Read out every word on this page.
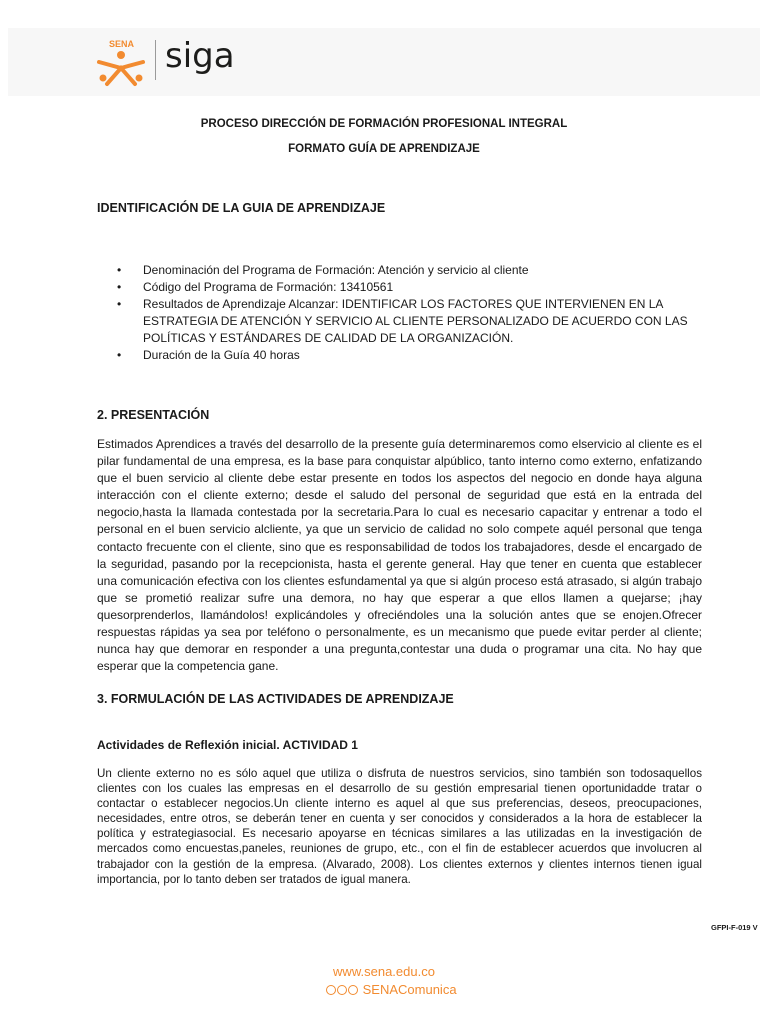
SENA siga
PROCESO DIRECCIÓN DE FORMACIÓN PROFESIONAL INTEGRAL
FORMATO GUÍA DE APRENDIZAJE
IDENTIFICACIÓN DE LA GUIA DE APRENDIZAJE
• Denominación del Programa de Formación: Atención y servicio al cliente
• Código del Programa de Formación: 13410561
• Resultados de Aprendizaje Alcanzar: IDENTIFICAR LOS FACTORES QUE INTERVIENEN EN LA ESTRATEGIA DE ATENCIÓN Y SERVICIO AL CLIENTE PERSONALIZADO DE ACUERDO CON LAS POLÍTICAS Y ESTÁNDARES DE CALIDAD DE LA ORGANIZACIÓN.
• Duración de la Guía 40 horas
2. PRESENTACIÓN
Estimados Aprendices a través del desarrollo de la presente guía determinaremos como elservicio al cliente es el pilar fundamental de una empresa, es la base para conquistar alpúblico, tanto interno como externo, enfatizando que el buen servicio al cliente debe estar presente en todos los aspectos del negocio en donde haya alguna interacción con el cliente externo; desde el saludo del personal de seguridad que está en la entrada del negocio,hasta la llamada contestada por la secretaria.Para lo cual es necesario capacitar y entrenar a todo el personal en el buen servicio alcliente, ya que un servicio de calidad no solo compete aquél personal que tenga contacto frecuente con el cliente, sino que es responsabilidad de todos los trabajadores, desde el encargado de la seguridad, pasando por la recepcionista, hasta el gerente general. Hay que tener en cuenta que establecer una comunicación efectiva con los clientes esfundamental ya que si algún proceso está atrasado, si algún trabajo que se prometió realizar sufre una demora, no hay que esperar a que ellos llamen a quejarse; ¡hay quesorprenderlos, llamándolos! explicándoles y ofreciéndoles una la solución antes que se enojen.Ofrecer respuestas rápidas ya sea por teléfono o personalmente, es un mecanismo que puede evitar perder al cliente; nunca hay que demorar en responder a una pregunta,contestar una duda o programar una cita. No hay que esperar que la competencia gane.
3. FORMULACIÓN DE LAS ACTIVIDADES DE APRENDIZAJE
Actividades de Reflexión inicial. ACTIVIDAD 1
Un cliente externo no es sólo aquel que utiliza o disfruta de nuestros servicios, sino también son todosaquellos clientes con los cuales las empresas en el desarrollo de su gestión empresarial tienen oportunidadde tratar o contactar o establecer negocios.Un cliente interno es aquel al que sus preferencias, deseos, preocupaciones, necesidades, entre otros, se deberán tener en cuenta y ser conocidos y considerados a la hora de establecer la política y estrategiasocial. Es necesario apoyarse en técnicas similares a las utilizadas en la investigación de mercados como encuestas,paneles, reuniones de grupo, etc., con el fin de establecer acuerdos que involucren al trabajador con la gestión de la empresa. (Alvarado, 2008). Los clientes externos y clientes internos tienen igual importancia, por lo tanto deben ser tratados de igual manera.
GFPI-F-019 V
www.sena.edu.co
SENAComunica
